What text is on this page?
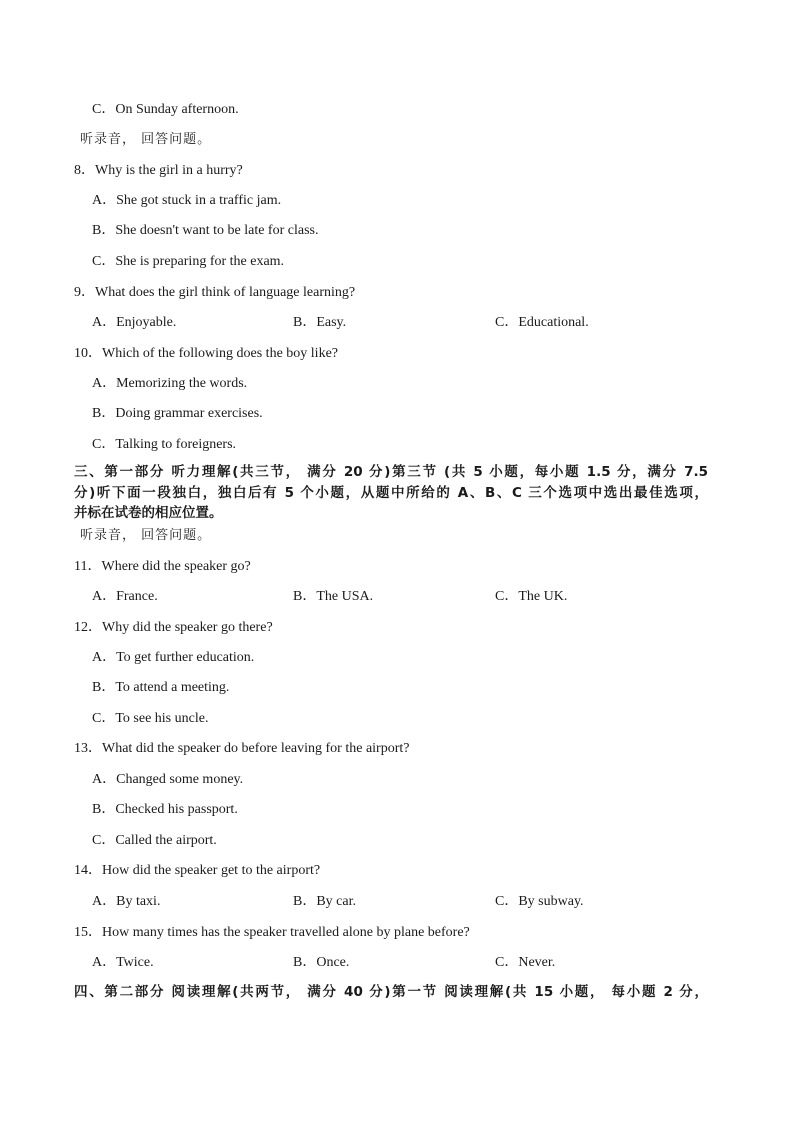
C．On Sunday afternoon.
听录音， 回答问题。
8．Why is the girl in a hurry?
A．She got stuck in a traffic jam.
B．She doesn't want to be late for class.
C．She is preparing for the exam.
9．What does the girl think of language learning?
A．Enjoyable.	B．Easy.	C．Educational.
10．Which of the following does the boy like?
A．Memorizing the words.
B．Doing grammar exercises.
C．Talking to foreigners.
三、第一部分 听力理解(共三节， 满分 20 分)第三节 (共 5 小题，每小题 1.5 分，满分 7.5
分)听下面一段独白，独白后有 5 个小题，从题中所给的 A、B、C 三个选项中选出最佳选项，
并标在试卷的相应位置。
听录音， 回答问题。
11．Where did the speaker go?
A．France.	B．The USA.	C．The UK.
12．Why did the speaker go there?
A．To get further education.
B．To attend a meeting.
C．To see his uncle.
13．What did the speaker do before leaving for the airport?
A．Changed some money.
B．Checked his passport.
C．Called the airport.
14．How did the speaker get to the airport?
A．By taxi.	B．By car.	C．By subway.
15．How many times has the speaker travelled alone by plane before?
A．Twice.	B．Once.	C．Never.
四、第二部分 阅读理解(共两节， 满分 40 分)第一节 阅读理解(共 15 小题， 每小题 2 分，
